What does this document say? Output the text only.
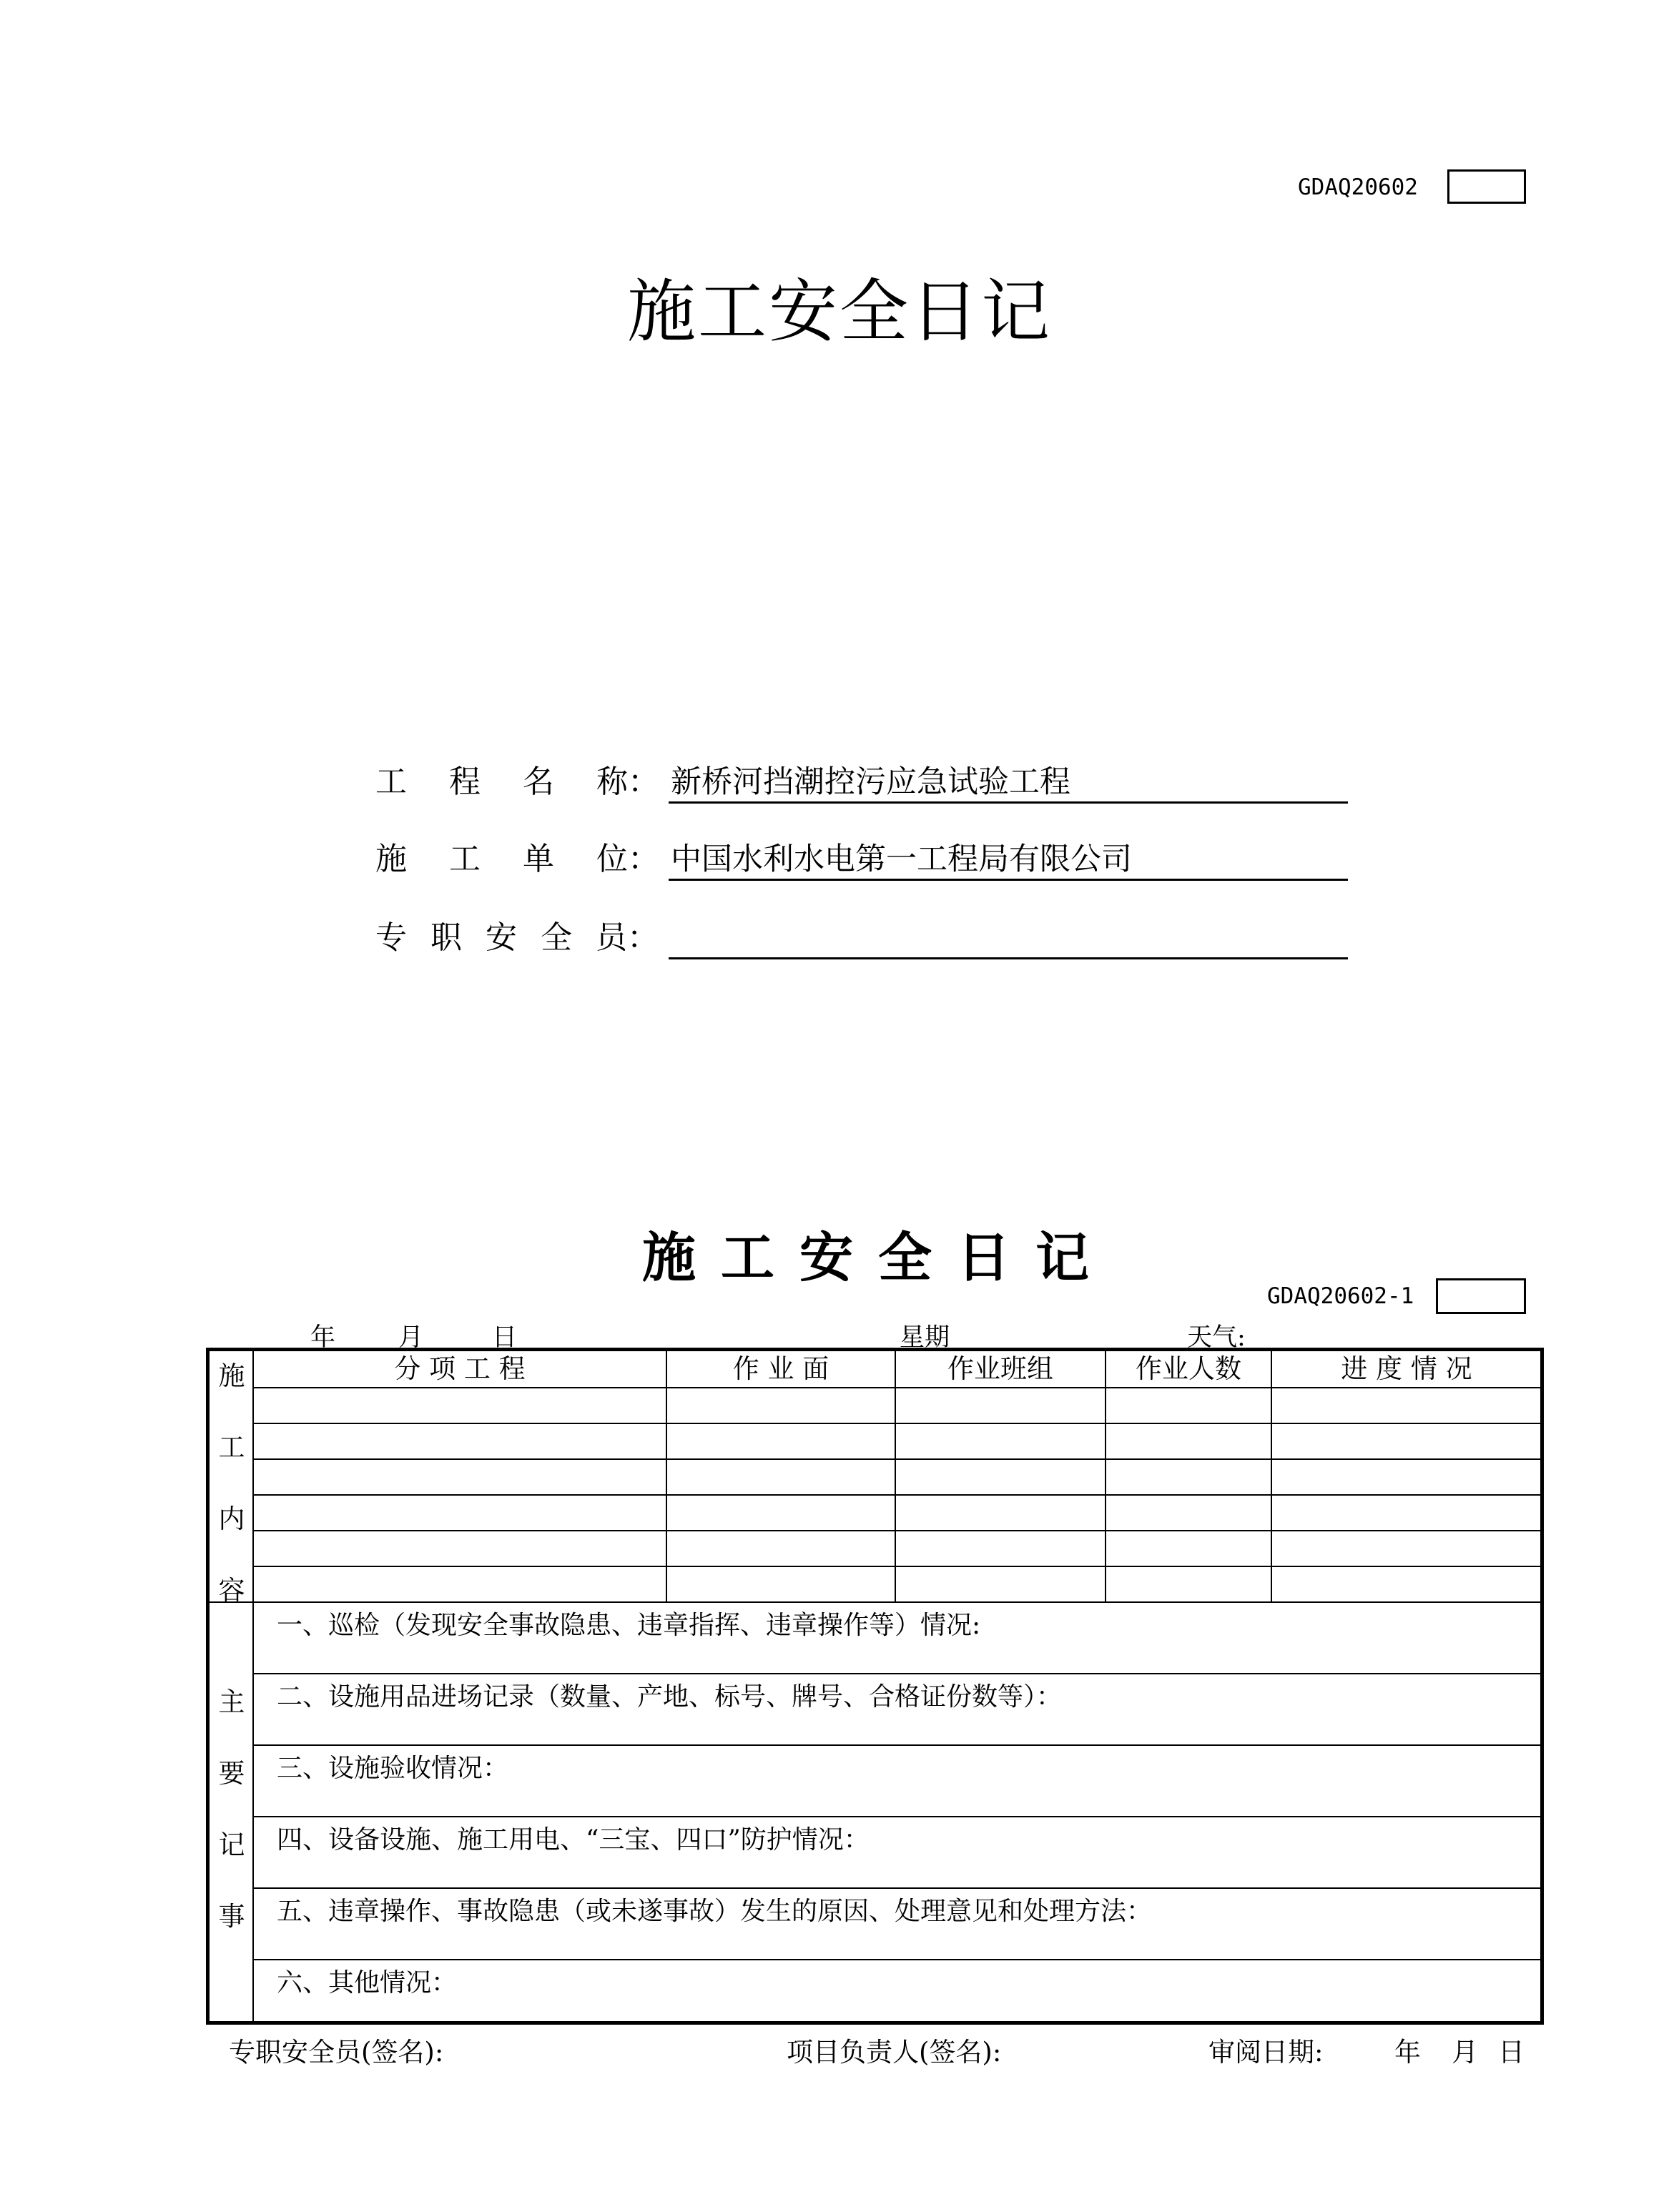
GDAQ20602
施工安全日记
工 程 名 称： 新桥河挡潮控污应急试验工程
施 工 单 位： 中国水利水电第一工程局有限公司
专 职 安 全 员：
施 工 安 全 日 记
GDAQ20602-1
年	月	日	星期	天气:
施
工
内
容
分 项 工 程	作 业 面	作业班组	作业人数	进 度 情 况
主
要
记
事
一、巡检（发现安全事故隐患、违章指挥、违章操作等）情况:
二、设施用品进场记录（数量、产地、标号、牌号、合格证份数等）：
三、设施验收情况：
四、设备设施、施工用电、“三宝、四口”防护情况：
五、违章操作、事故隐患（或未遂事故）发生的原因、处理意见和处理方法：
六、其他情况：
专职安全员(签名):	项目负责人(签名):	审阅日期:	年 月 日
